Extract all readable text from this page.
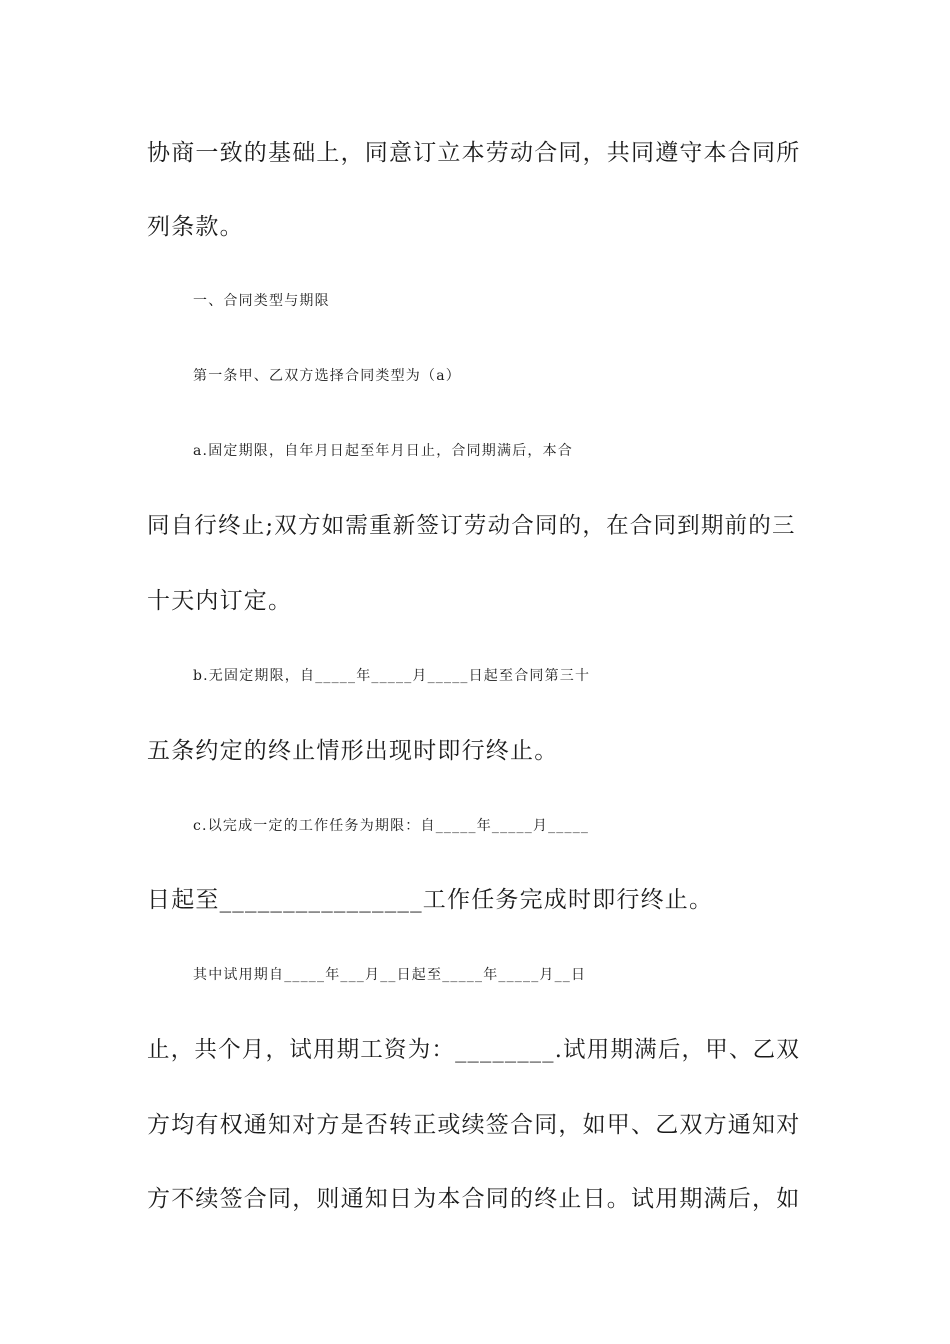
协商一致的基础上，同意订立本劳动合同，共同遵守本合同所
列条款。
一、合同类型与期限
第一条甲、乙双方选择合同类型为（a）
a.固定期限，自年月日起至年月日止，合同期满后，本合
同自行终止;双方如需重新签订劳动合同的，在合同到期前的三
十天内订定。
b.无固定期限，自_____年_____月_____日起至合同第三十
五条约定的终止情形出现时即行终止。
c.以完成一定的工作任务为期限：自_____年_____月_____
日起至________________工作任务完成时即行终止。
其中试用期自_____年___月__日起至_____年_____月__日
止，共个月，试用期工资为：________.试用期满后，甲、乙双
方均有权通知对方是否转正或续签合同，如甲、乙双方通知对
方不续签合同，则通知日为本合同的终止日。试用期满后，如
